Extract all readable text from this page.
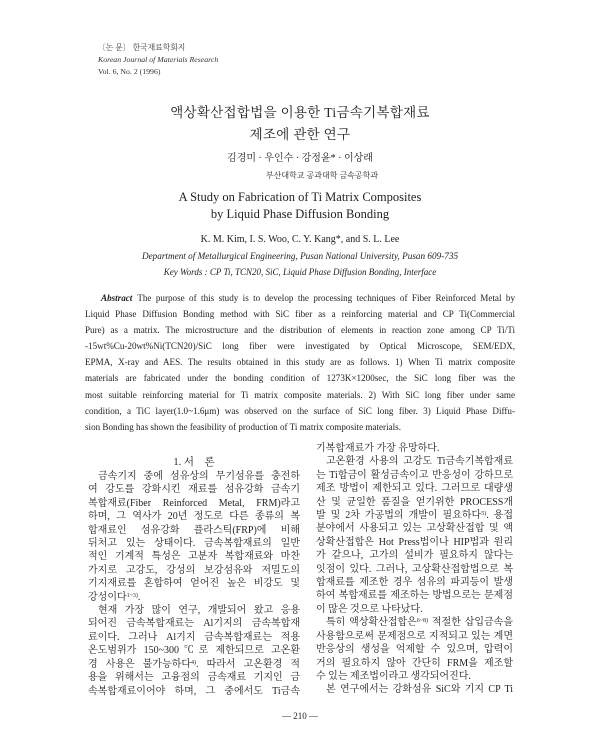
〔논 문〕 한국재료학회지
Korean Journal of Materials Research
Vol. 6, No. 2 (1996)
액상확산접합법을 이용한 Ti금속기복합재료
제조에 관한 연구
김경미 · 우인수 · 강정윤* · 이상래
부산대학교 공과대학 금속공학과
A Study on Fabrication of Ti Matrix Composites
by Liquid Phase Diffusion Bonding
K. M. Kim, I. S. Woo, C. Y. Kang*, and S. L. Lee
Department of Metallurgical Engineering, Pusan National University, Pusan 609-735
Key Words : CP Ti, TCN20, SiC, Liquid Phase Diffusion Bonding, Interface
Abstract The purpose of this study is to develop the processing techniques of Fiber Reinforced Metal by
Liquid Phase Diffusion Bonding method with SiC fiber as a reinforcing material and CP Ti(Commercial
Pure) as a matrix. The microstructure and the distribution of elements in reaction zone among CP Ti/Ti
-15wt%Cu-20wt%Ni(TCN20)/SiC long fiber were investigated by Optical Microscope, SEM/EDX,
EPMA, X-ray and AES. The results obtained in this study are as follows. 1) When Ti matrix composite
materials are fabricated under the bonding condition of 1273K×1200sec, the SiC long fiber was the
most suitable reinforcing material for Ti matrix composite materials. 2) With SiC long fiber under same
condition, a TiC layer(1.0~1.6μm) was observed on the surface of SiC long fiber. 3) Liquid Phase Diffu-
sion Bonding has shown the feasibility of production of Ti matrix composite materials.
1. 서    론
금속기지 중에 섬유상의 무기섬유를 충전하
여 강도를 강화시킨 재료를 섬유강화 금속기
복합재료(Fiber Reinforced Metal, FRM)라고
하며, 그 역사가 20년 정도로 다른 종류의 복
합재료인 섬유강화 플라스틱(FRP)에 비해
뒤처고 있는 상태이다. 금속복합재료의 일반
적인 기계적 특성은 고분자 복합재료와 마찬
가지로 고강도, 강성의 보강섬유와 저밀도의
기지재료를 혼합하여 얻어진 높은 비강도 및
강성이다$^{1\sim 3)}$.
현재 가장 많이 연구, 개발되어 왔고 응용
되어진 금속복합재료는 Al기지의 금속복합재
료이다. 그러나 Al기지 금속복합재료는 적용
온도범위가 150~300℃로 제한되므로 고온환
경 사용은 불가능하다$^{4)}$. 따라서 고온환경 적
용을 위해서는 고융점의 금속재료 기지인 금
속복합재료이어야 하며, 그 중에서도 Ti금속
기복합재료가 가장 유망하다.
고온환경 사용의 고강도 Ti금속기복합재료
는 Ti합금이 활성금속이고 반응성이 강하므로
제조 방법이 제한되고 있다. 그러므로 대량생
산 및 균일한 품질을 얻기위한 PROCESS개
발 및 2차 가공법의 개발이 필요하다$^{5)}$. 용접
분야에서 사용되고 있는 고상확산접합 및 액
상확산접합은 Hot Press법이나 HIP법과 원리
가 같으나, 고가의 설비가 필요하지 않다는
잇점이 있다. 그러나, 고상확산접합법으로 복
합재료를 제조한 경우 섬유의 파괴등이 발생
하여 복합재료를 제조하는 방법으로는 문제점
이 많은 것으로 나타났다.
특히 액상확산접합은$^{6\sim 8)}$ 적절한 삽입금속을
사용함으로써 문제점으로 지적되고 있는 계면
반응상의 생성을 억제할 수 있으며, 압력이
거의 필요하지 않아 간단히 FRM을 제조할
수 있는 제조법이라고 생각되어진다.
본 연구에서는 강화섬유 SiC와 기지 CP Ti
— 210 —
